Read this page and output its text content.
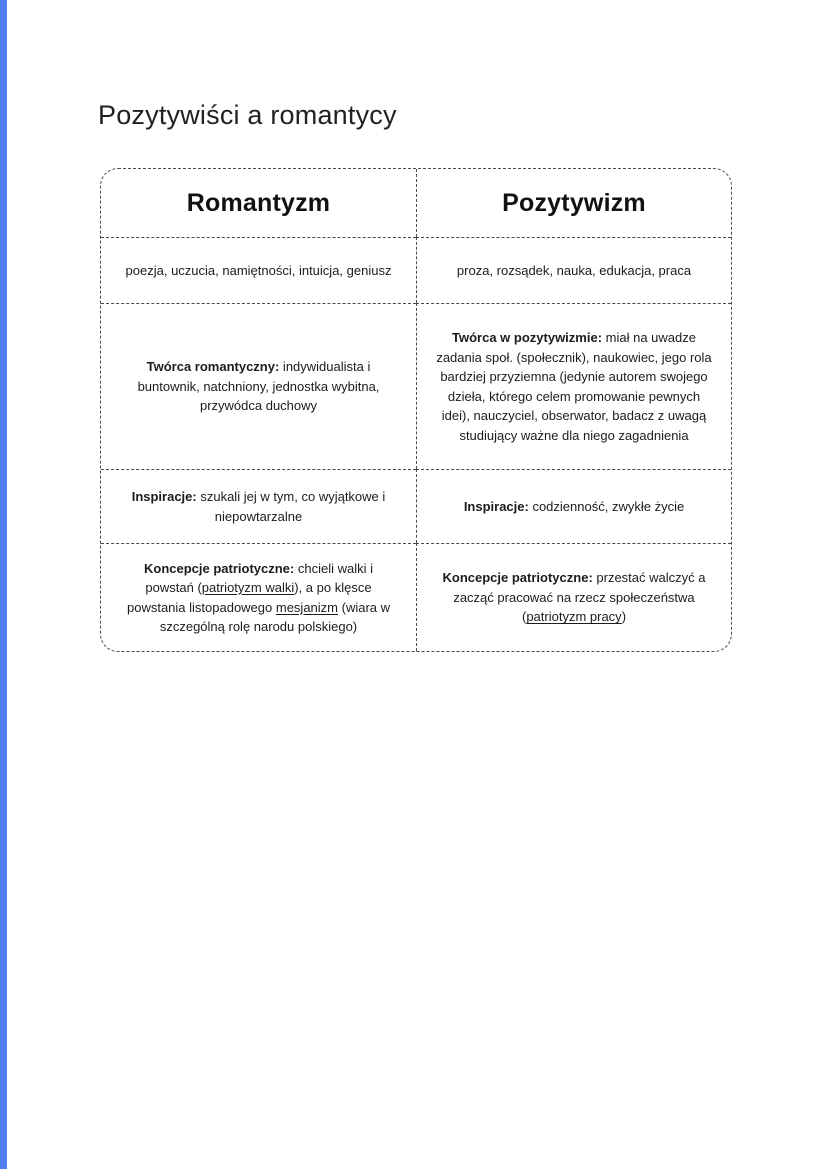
Pozytywiści a romantycy
Romantyzm	Pozytywizm

poezja, uczucia, namiętności, intuicja, geniusz	proza, rozsądek, nauka, edukacja, praca

Twórca romantyczny: indywidualista i buntownik, natchniony, jednostka wybitna, przywódca duchowy

Twórca w pozytywizmie: miał na uwadze zadania społ. (społecznik), naukowiec, jego rola bardziej przyziemna (jedynie autorem swojego dzieła, którego celem promowanie pewnych idei), nauczyciel, obserwator, badacz z uwagą studiujący ważne dla niego zagadnienia

Inspiracje: szukali jej w tym, co wyjątkowe i niepowtarzalne

Inspiracje: codzienność, zwykłe życie

Koncepcje patriotyczne: chcieli walki i powstań (patriotyzm walki), a po klęsce powstania listopadowego mesjanizm (wiara w szczególną rolę narodu polskiego)

Koncepcje patriotyczne: przestać walczyć a zacząć pracować na rzecz społeczeństwa (patriotyzm pracy)
